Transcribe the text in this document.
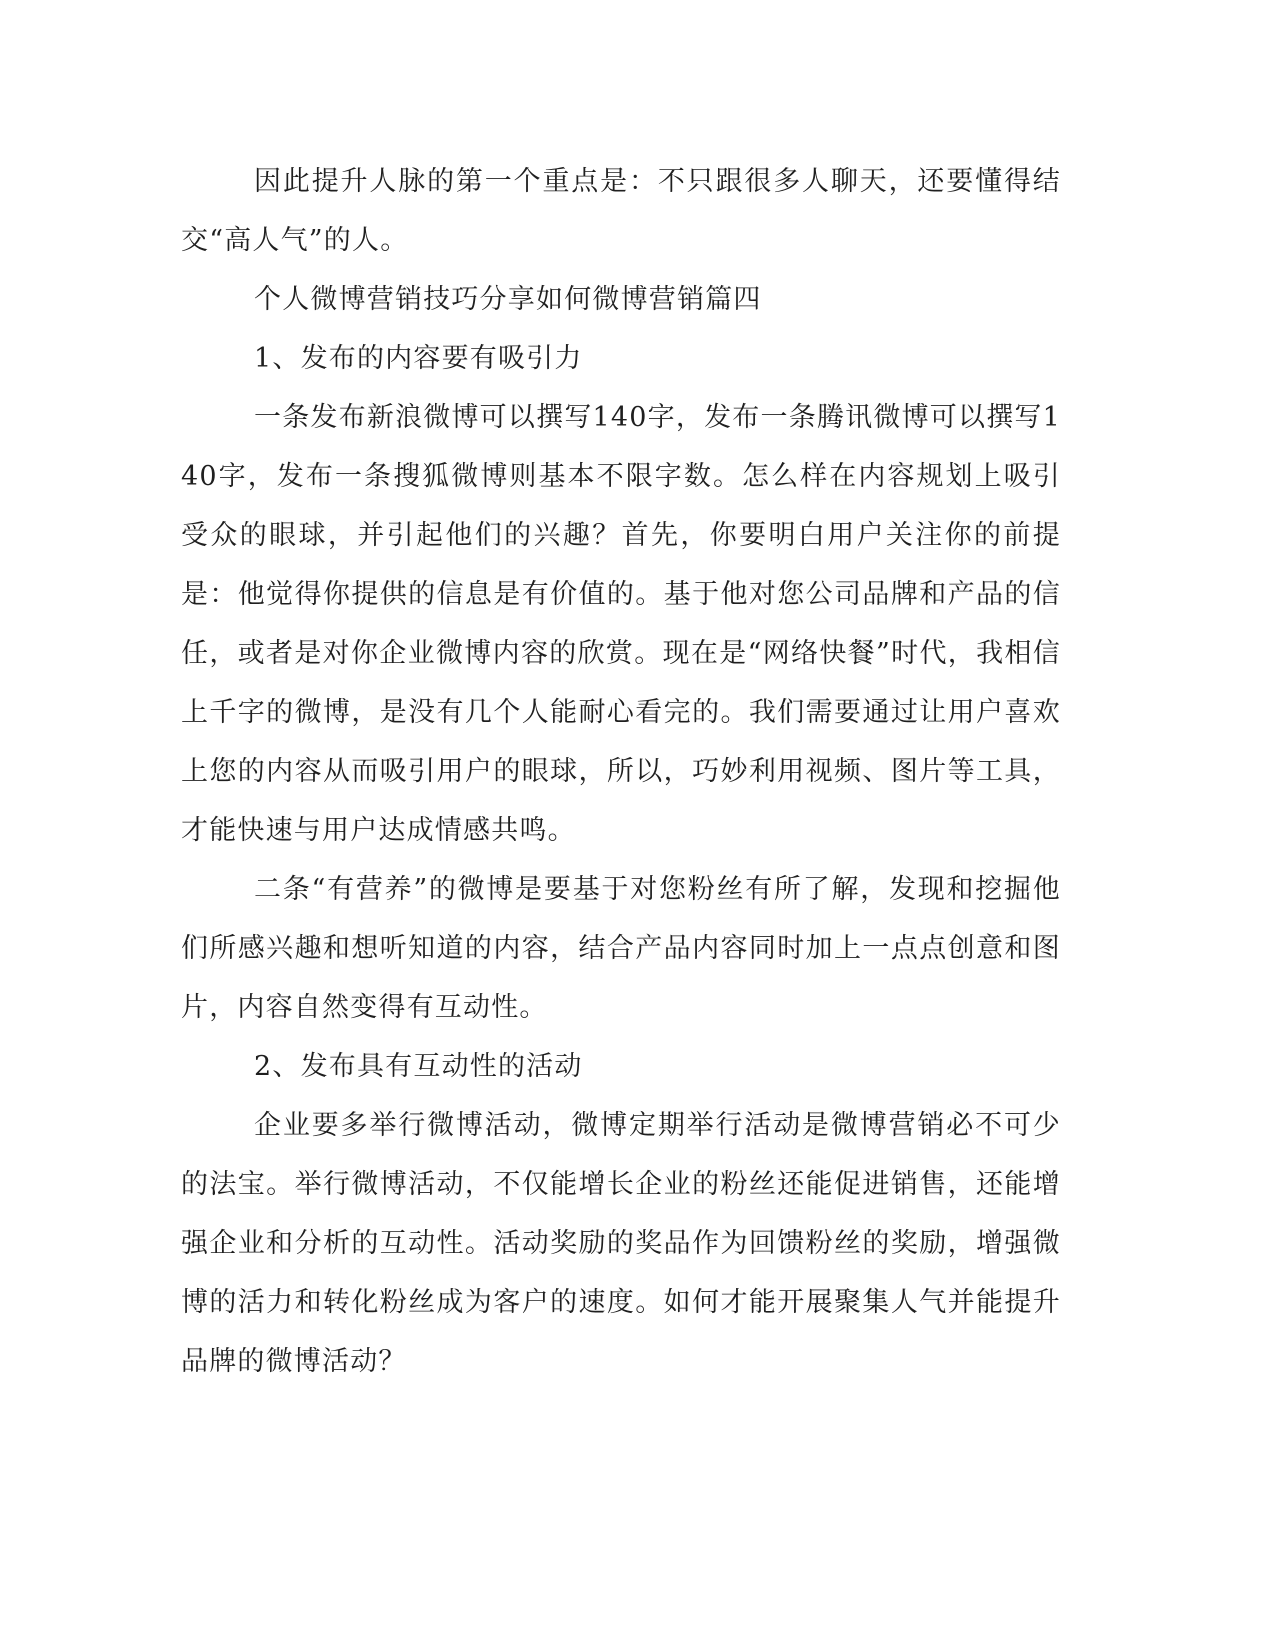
因此提升人脉的第一个重点是：不只跟很多人聊天，还要懂得结交“高人气”的人。

个人微博营销技巧分享如何微博营销篇四

1、发布的内容要有吸引力

一条发布新浪微博可以撰写140字，发布一条腾讯微博可以撰写140字，发布一条搜狐微博则基本不限字数。怎么样在内容规划上吸引受众的眼球，并引起他们的兴趣？首先，你要明白用户关注你的前提是：他觉得你提供的信息是有价值的。基于他对您公司品牌和产品的信任，或者是对你企业微博内容的欣赏。现在是“网络快餐”时代，我相信上千字的微博，是没有几个人能耐心看完的。我们需要通过让用户喜欢上您的内容从而吸引用户的眼球，所以，巧妙利用视频、图片等工具，才能快速与用户达成情感共鸣。

二条“有营养”的微博是要基于对您粉丝有所了解，发现和挖掘他们所感兴趣和想听知道的内容，结合产品内容同时加上一点点创意和图片，内容自然变得有互动性。

2、发布具有互动性的活动

企业要多举行微博活动，微博定期举行活动是微博营销必不可少的法宝。举行微博活动，不仅能增长企业的粉丝还能促进销售，还能增强企业和分析的互动性。活动奖励的奖品作为回馈粉丝的奖励，增强微博的活力和转化粉丝成为客户的速度。如何才能开展聚集人气并能提升品牌的微博活动？
